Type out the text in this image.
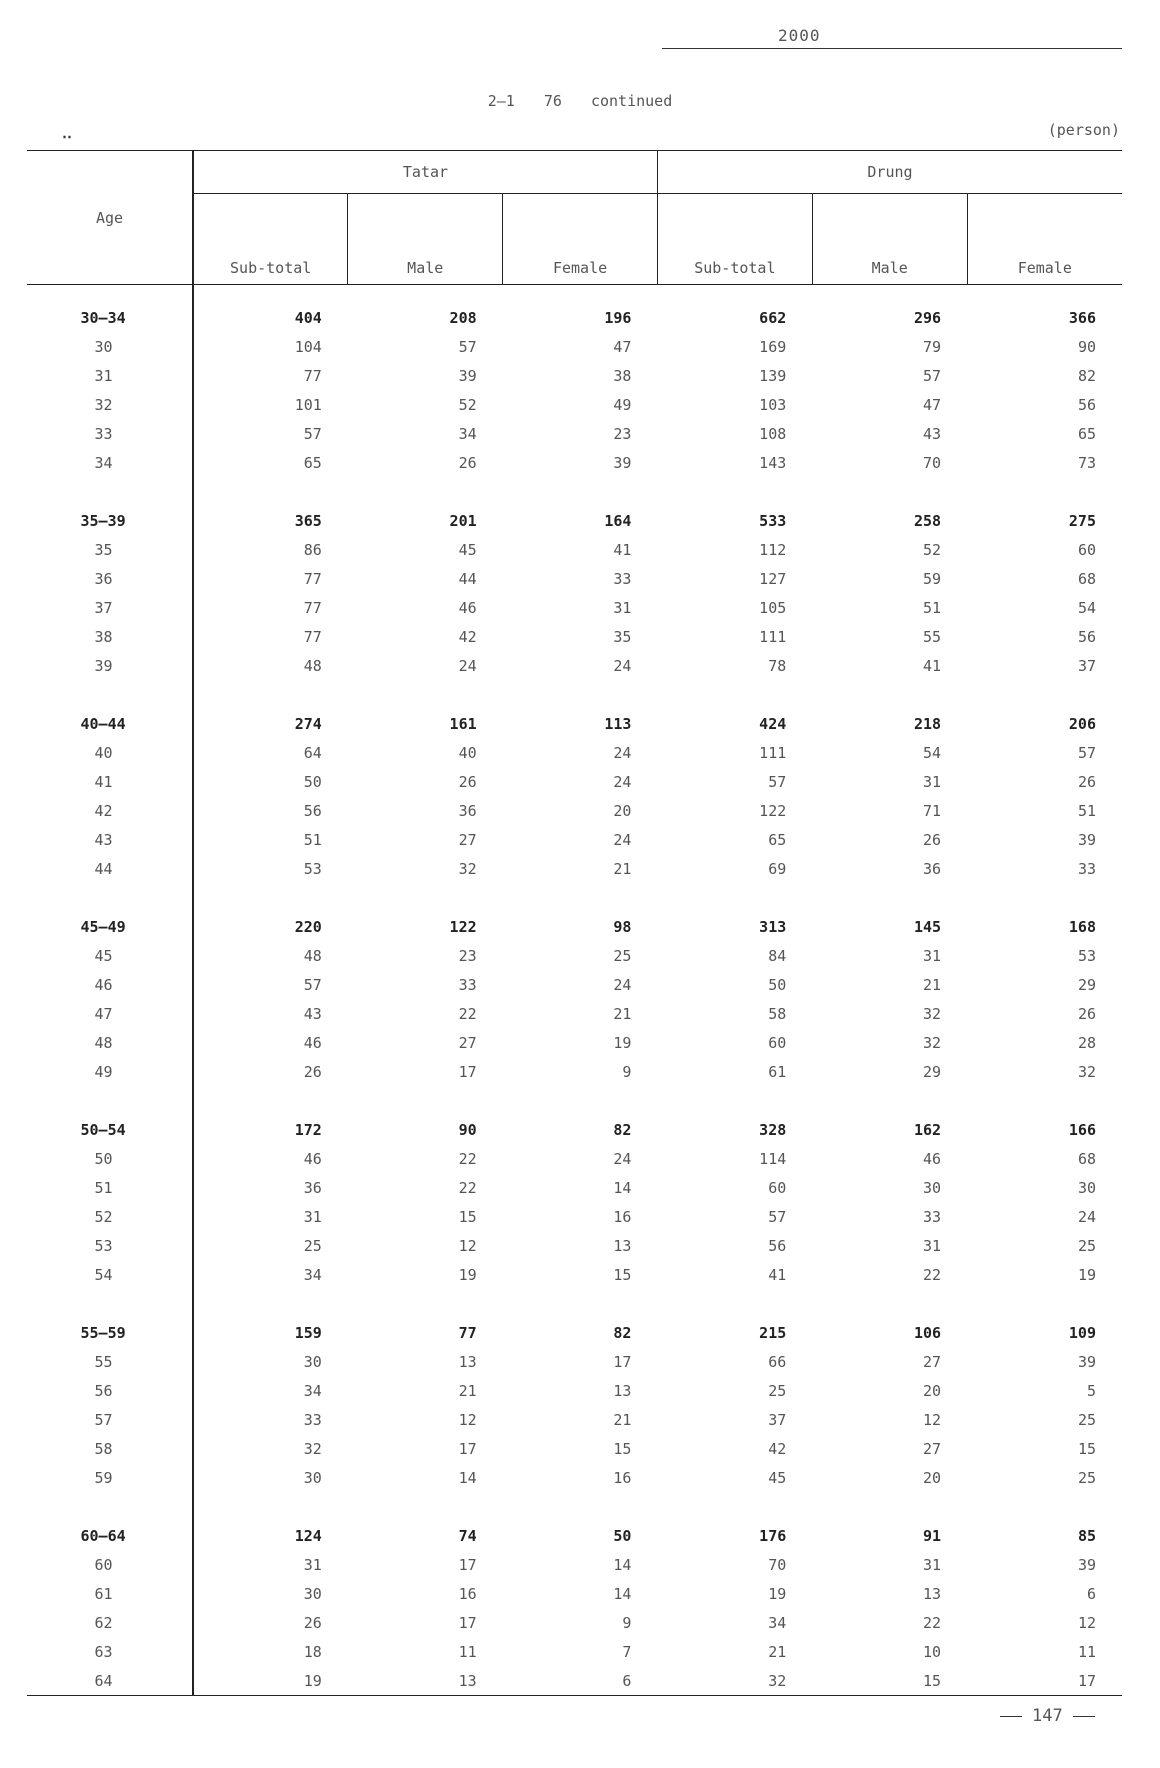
2000
2—1 76 continued
‥	(person)
Age	Tatar			Drung		
	Sub-total	Male	Female	Sub-total	Male	Female

30—34	404	208	196	662	296	366
30	104	57	47	169	79	90
31	77	39	38	139	57	82
32	101	52	49	103	47	56
33	57	34	23	108	43	65
34	65	26	39	143	70	73

35—39	365	201	164	533	258	275
35	86	45	41	112	52	60
36	77	44	33	127	59	68
37	77	46	31	105	51	54
38	77	42	35	111	55	56
39	48	24	24	78	41	37

40—44	274	161	113	424	218	206
40	64	40	24	111	54	57
41	50	26	24	57	31	26
42	56	36	20	122	71	51
43	51	27	24	65	26	39
44	53	32	21	69	36	33

45—49	220	122	98	313	145	168
45	48	23	25	84	31	53
46	57	33	24	50	21	29
47	43	22	21	58	32	26
48	46	27	19	60	32	28
49	26	17	9	61	29	32

50—54	172	90	82	328	162	166
50	46	22	24	114	46	68
51	36	22	14	60	30	30
52	31	15	16	57	33	24
53	25	12	13	56	31	25
54	34	19	15	41	22	19

55—59	159	77	82	215	106	109
55	30	13	17	66	27	39
56	34	21	13	25	20	5
57	33	12	21	37	12	25
58	32	17	15	42	27	15
59	30	14	16	45	20	25

60—64	124	74	50	176	91	85
60	31	17	14	70	31	39
61	30	16	14	19	13	6
62	26	17	9	34	22	12
63	18	11	7	21	10	11
64	19	13	6	32	15	17
147
